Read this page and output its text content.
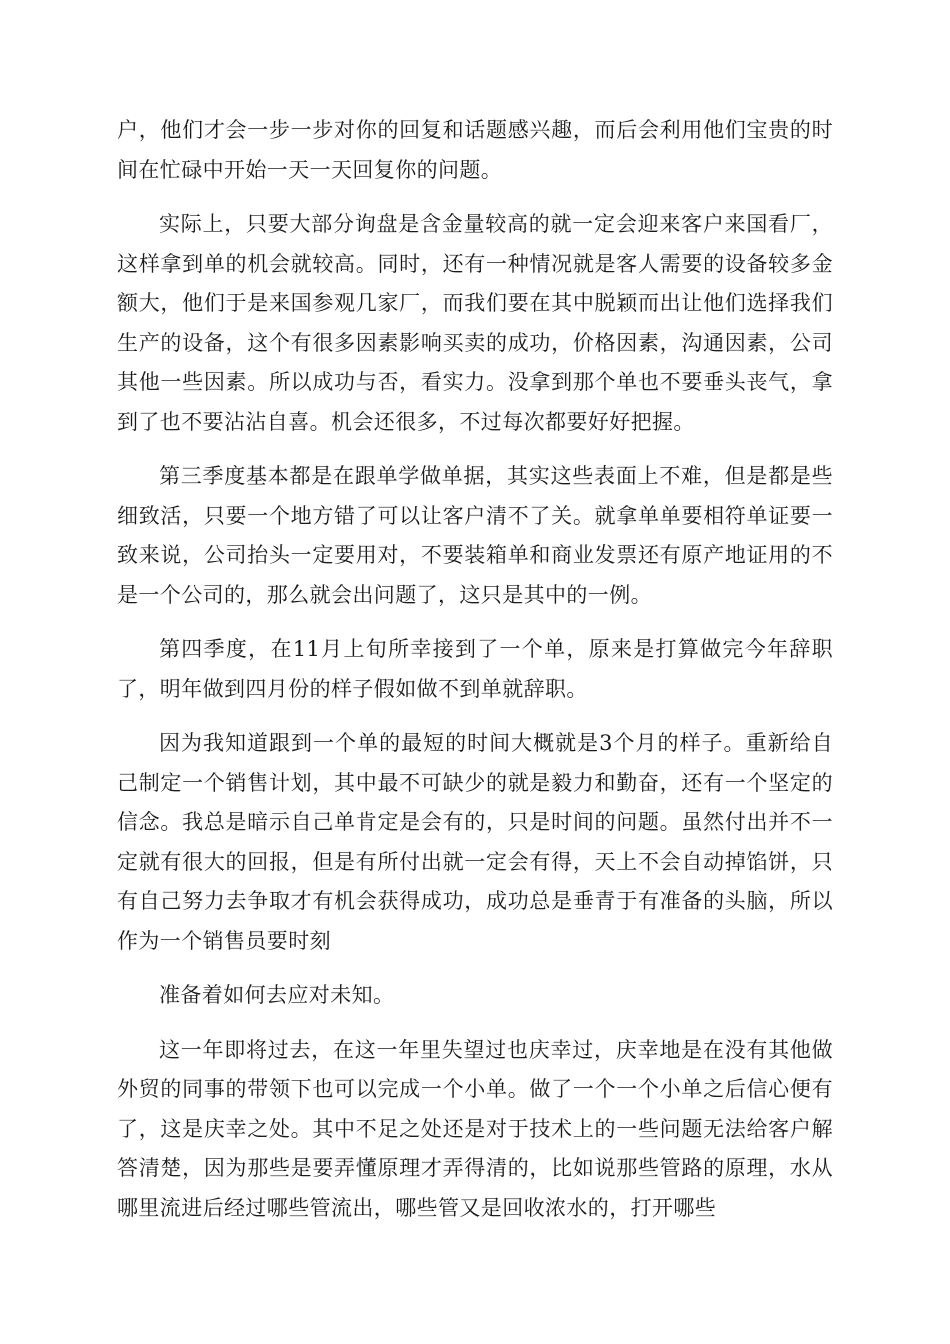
户，他们才会一步一步对你的回复和话题感兴趣，而后会利用他们宝贵的时间在忙碌中开始一天一天回复你的问题。

实际上，只要大部分询盘是含金量较高的就一定会迎来客户来国看厂，这样拿到单的机会就较高。同时，还有一种情况就是客人需要的设备较多金额大，他们于是来国参观几家厂，而我们要在其中脱颖而出让他们选择我们生产的设备，这个有很多因素影响买卖的成功，价格因素，沟通因素，公司其他一些因素。所以成功与否，看实力。没拿到那个单也不要垂头丧气，拿到了也不要沾沾自喜。机会还很多，不过每次都要好好把握。

第三季度基本都是在跟单学做单据，其实这些表面上不难，但是都是些细致活，只要一个地方错了可以让客户清不了关。就拿单单要相符单证要一致来说，公司抬头一定要用对，不要装箱单和商业发票还有原产地证用的不是一个公司的，那么就会出问题了，这只是其中的一例。

第四季度，在11月上旬所幸接到了一个单，原来是打算做完今年辞职了，明年做到四月份的样子假如做不到单就辞职。

因为我知道跟到一个单的最短的时间大概就是3个月的样子。重新给自己制定一个销售计划，其中最不可缺少的就是毅力和勤奋，还有一个坚定的信念。我总是暗示自己单肯定是会有的，只是时间的问题。虽然付出并不一定就有很大的回报，但是有所付出就一定会有得，天上不会自动掉馅饼，只有自己努力去争取才有机会获得成功，成功总是垂青于有准备的头脑，所以作为一个销售员要时刻

准备着如何去应对未知。

这一年即将过去，在这一年里失望过也庆幸过，庆幸地是在没有其他做外贸的同事的带领下也可以完成一个小单。做了一个一个小单之后信心便有了，这是庆幸之处。其中不足之处还是对于技术上的一些问题无法给客户解答清楚，因为那些是要弄懂原理才弄得清的，比如说那些管路的原理，水从哪里流进后经过哪些管流出，哪些管又是回收浓水的，打开哪些
